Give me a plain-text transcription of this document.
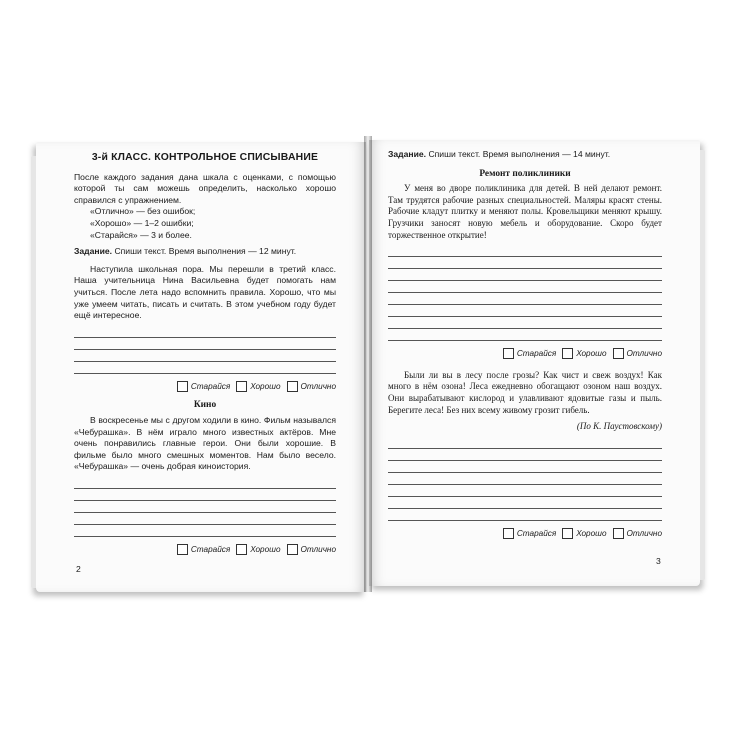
3-й КЛАСС. КОНТРОЛЬНОЕ СПИСЫВАНИЕ

После каждого задания дана шкала с оценками, с помощью которой ты сам можешь определить, насколько хорошо справился с упражнением.

«Отлично» — без ошибок;

«Хорошо» — 1–2 ошибки;

«Старайся» — 3 и более.

Задание. Спиши текст. Время выполнения — 12 минут.

Наступила школьная пора. Мы перешли в третий класс. Наша учительница Нина Васильевна будет помогать нам учиться. После лета надо вспомнить правила. Хорошо, что мы уже умеем читать, писать и считать. В этом учебном году будет ещё интересное.

Старайся Хорошо Отлично
Кино

В воскресенье мы с другом ходили в кино. Фильм назывался «Чебурашка». В нём играло много известных актёров. Мне очень понравились главные герои. Они были хорошие. В фильме было много смешных моментов. Нам было весело. «Чебурашка» — очень добрая киноистория.

Старайся Хорошо Отлично
2

Задание. Спиши текст. Время выполнения — 14 минут.

Ремонт поликлиники

У меня во дворе поликлиника для детей. В ней делают ремонт. Там трудятся рабочие разных специальностей. Маляры красят стены. Рабочие кладут плитку и меняют полы. Кровельщики меняют крышу. Грузчики заносят новую мебель и оборудование. Скоро будет торжественное открытие!

Старайся Хорошо Отлично

Были ли вы в лесу после грозы? Как чист и свеж воздух! Как много в нём озона! Леса ежедневно обогащают озоном наш воздух. Они вырабатывают кислород и улавливают ядовитые газы и пыль. Берегите леса! Без них всему живому грозит гибель.

(По К. Паустовскому)
Старайся Хорошо Отлично
3
